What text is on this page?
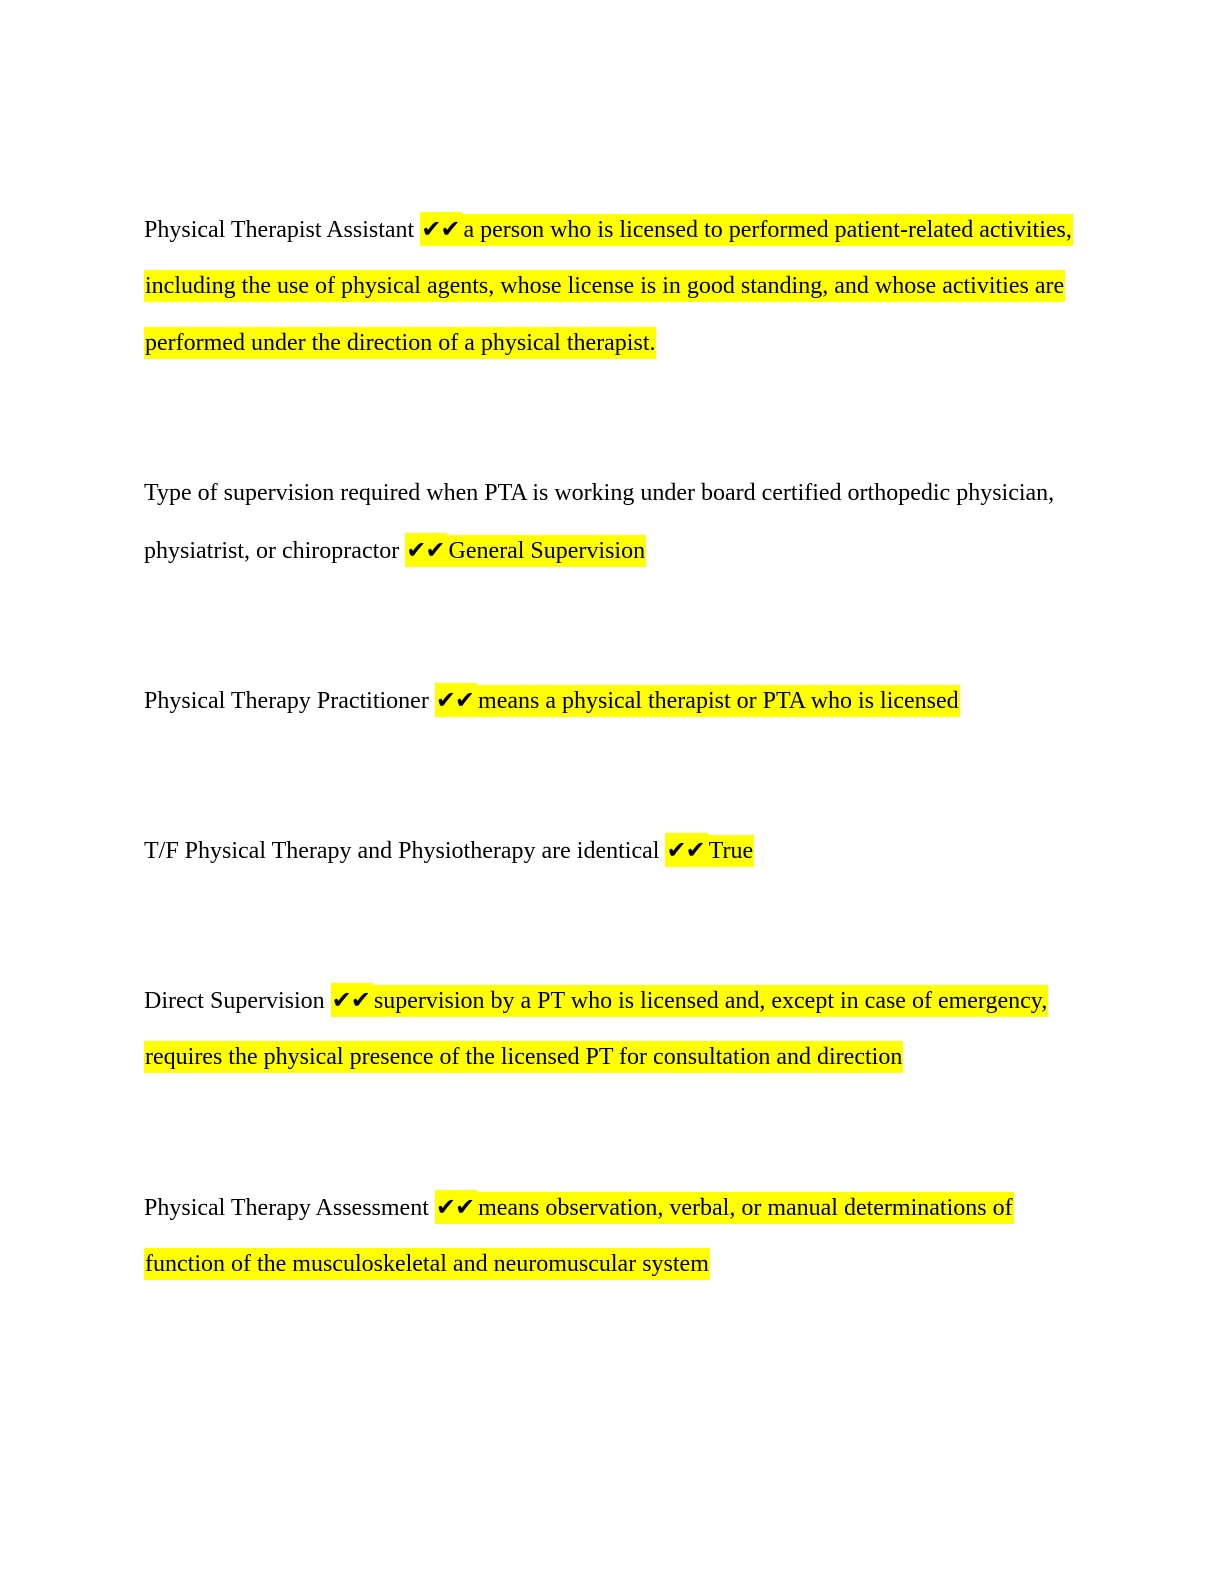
Physical Therapist Assistant ✔✔ a person who is licensed to performed patient-related activities,
including the use of physical agents, whose license is in good standing, and whose activities are
performed under the direction of a physical therapist.
Type of supervision required when PTA is working under board certified orthopedic physician,
physiatrist, or chiropractor ✔✔ General Supervision
Physical Therapy Practitioner ✔✔ means a physical therapist or PTA who is licensed
T/F Physical Therapy and Physiotherapy are identical ✔✔ True
Direct Supervision ✔✔ supervision by a PT who is licensed and, except in case of emergency,
requires the physical presence of the licensed PT for consultation and direction
Physical Therapy Assessment ✔✔ means observation, verbal, or manual determinations of
function of the musculoskeletal and neuromuscular system
